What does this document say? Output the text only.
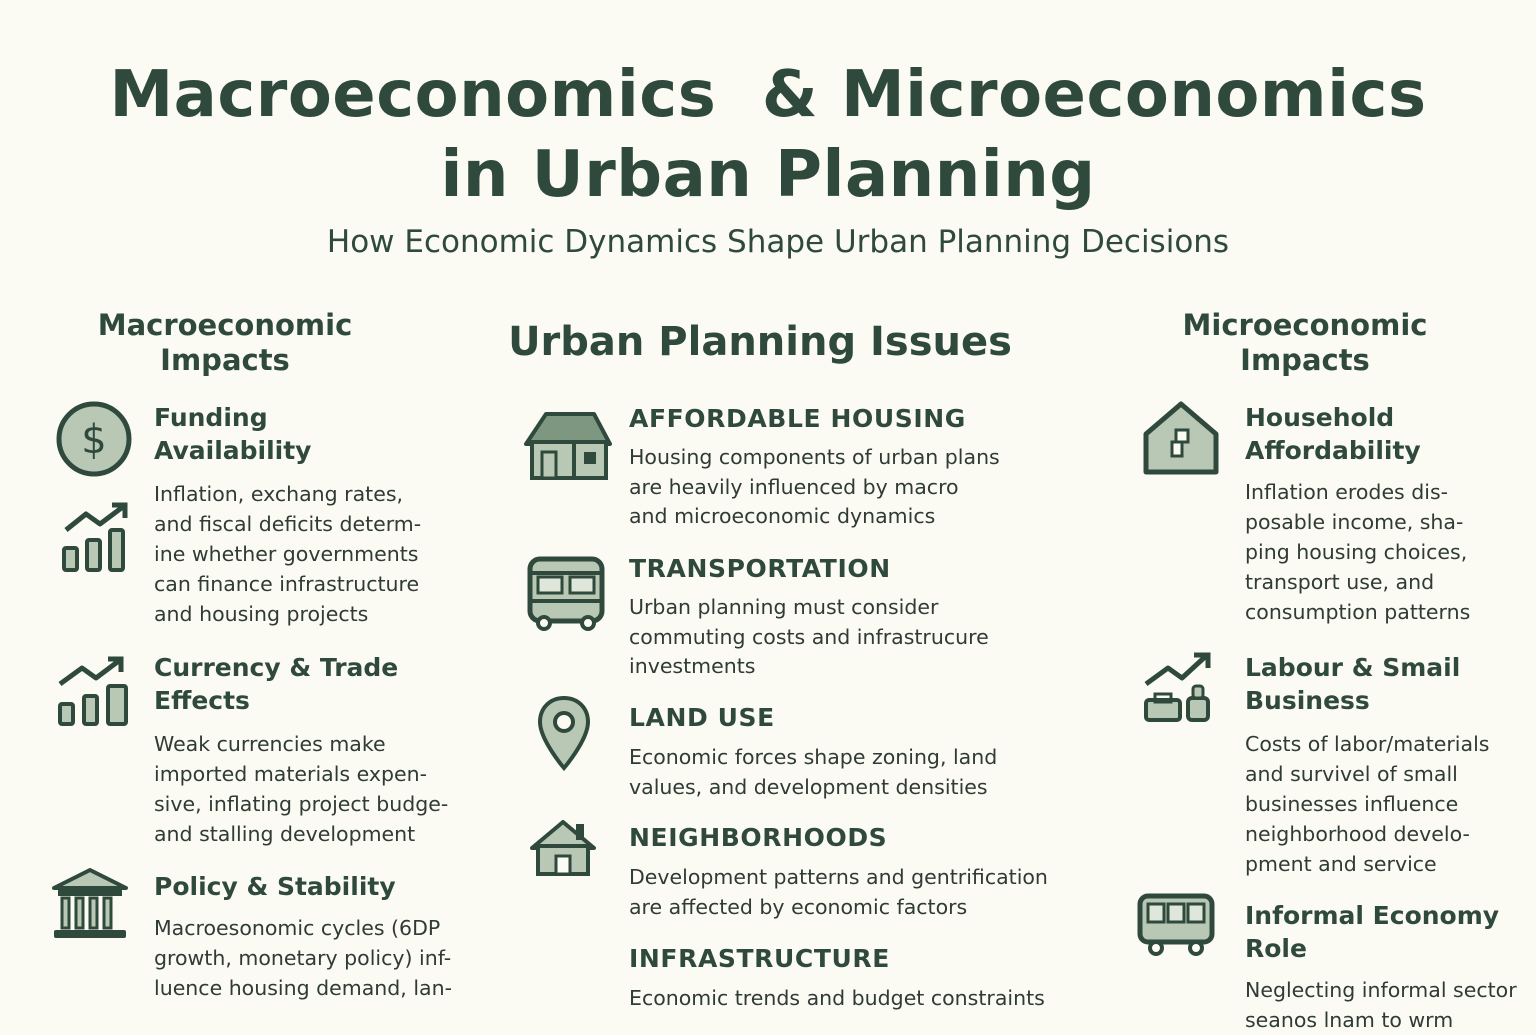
Macroeconomics  & Microeconomics
in Urban Planning
How Economic Dynamics Shape Urban Planning Decisions
Macroeconomic
Impacts	Urban Planning Issues	Microeconomic
Impacts
$ Funding
Availability
Inflation, exchang rates,
and fiscal deficits determ-
ine whether governments
can finance infrastructure
and housing projects
Currency & Trade
Effects
Weak currencies make
imported materials expen-
sive, inflating project budge-
and stalling development
Policy & Stability
Macroesonomic cycles (6DP
growth, monetary policy) inf-
luence housing demand, lan-
AFFORDABLE HOUSING
Housing components of urban plans
are heavily influenced by macro
and microeconomic dynamics
TRANSPORTATION
Urban planning must consider
commuting costs and infrastrucure
investments
LAND USE
Economic forces shape zoning, land
values, and development densities
NEIGHBORHOODS
Development patterns and gentrification
are affected by economic factors
INFRASTRUCTURE
Economic trends and budget constraints
Household
Affordability
Inflation erodes dis-
posable income, sha-
ping housing choices,
transport use, and
consumption patterns
Labour & Smail
Business
Costs of labor/materials
and survivel of small
businesses influence
neighborhood develo-
pment and service
Informal Economy
Role
Neglecting informal sector
seanos lnam to wrm
